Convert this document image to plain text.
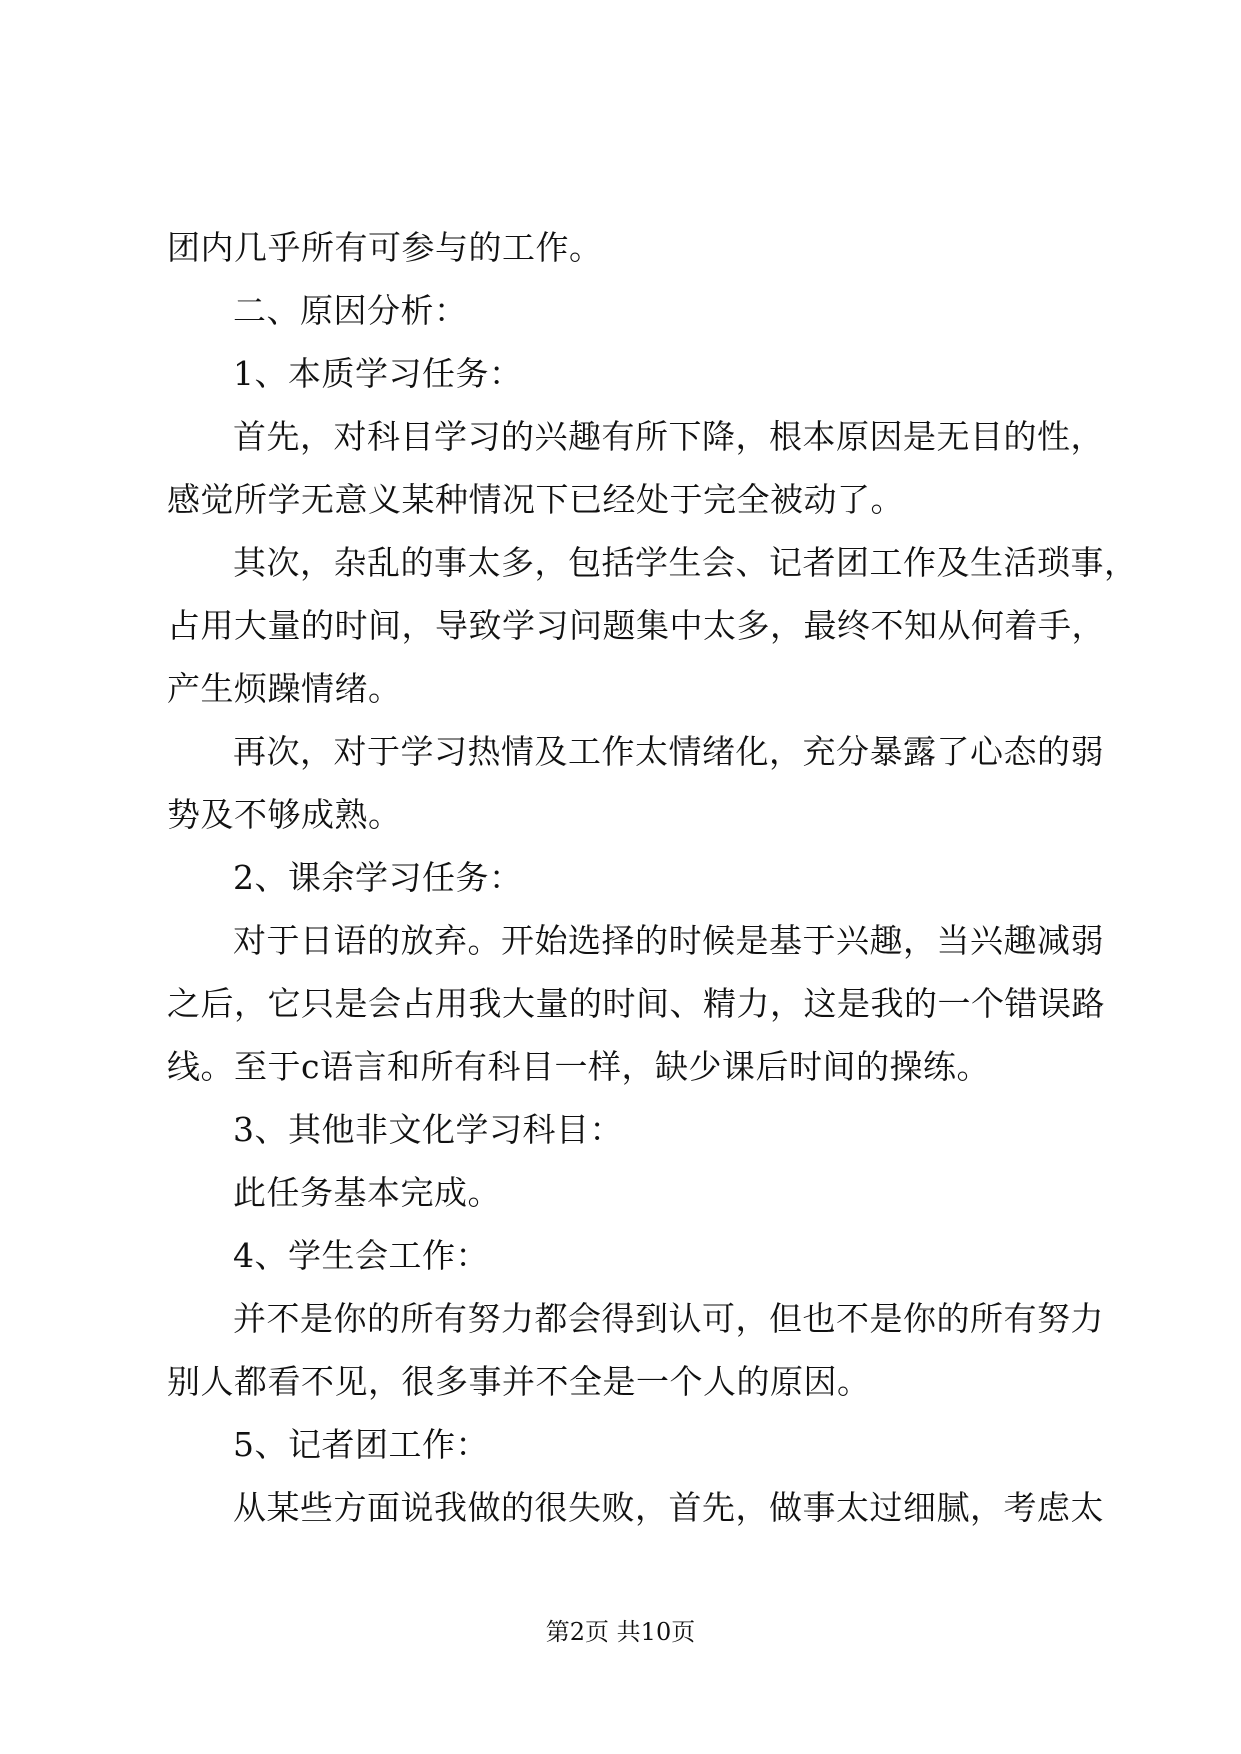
团内几乎所有可参与的工作。
二、原因分析：
1、本质学习任务：
首先，对科目学习的兴趣有所下降，根本原因是无目的性，
感觉所学无意义某种情况下已经处于完全被动了。
其次，杂乱的事太多，包括学生会、记者团工作及生活琐事，
占用大量的时间，导致学习问题集中太多，最终不知从何着手，
产生烦躁情绪。
再次，对于学习热情及工作太情绪化，充分暴露了心态的弱
势及不够成熟。
2、课余学习任务：
对于日语的放弃。开始选择的时候是基于兴趣，当兴趣减弱
之后，它只是会占用我大量的时间、精力，这是我的一个错误路
线。至于c语言和所有科目一样，缺少课后时间的操练。
3、其他非文化学习科目：
此任务基本完成。
4、学生会工作：
并不是你的所有努力都会得到认可，但也不是你的所有努力
别人都看不见，很多事并不全是一个人的原因。
5、记者团工作：
从某些方面说我做的很失败，首先，做事太过细腻，考虑太
第2页 共10页
